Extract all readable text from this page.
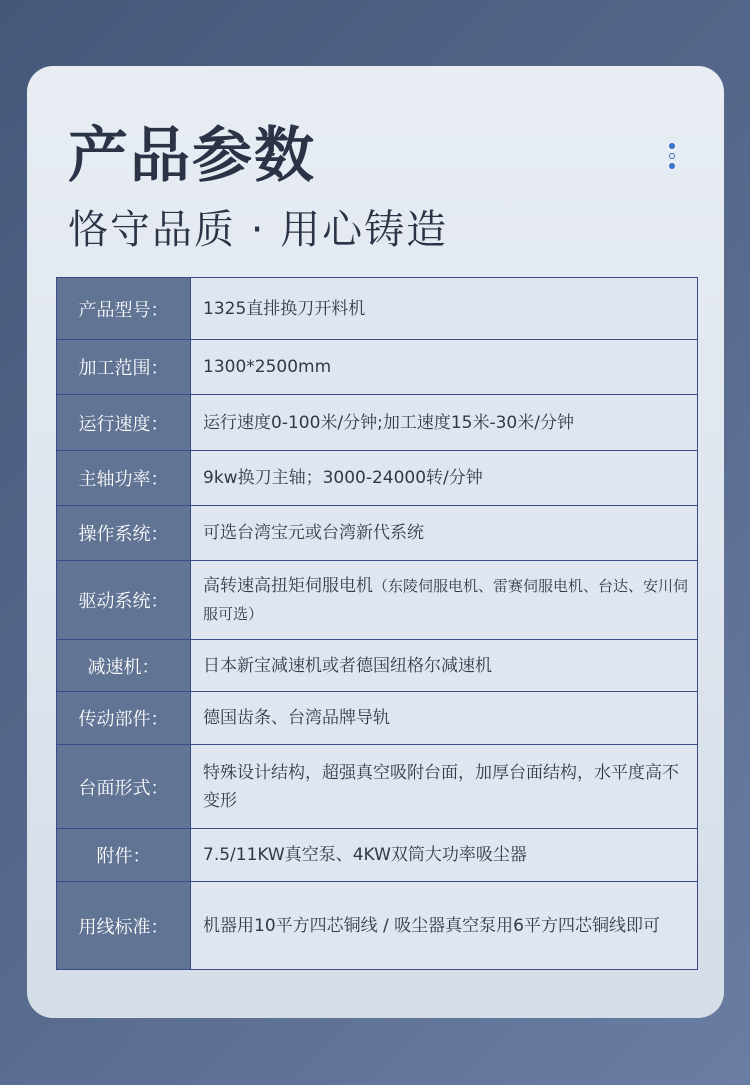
产品参数
恪守品质 · 用心铸造
产品型号：	1325直排换刀开料机
加工范围：	1300*2500mm
运行速度：	运行速度0-100米/分钟;加工速度15米-30米/分钟
主轴功率：	9kw换刀主轴；3000-24000转/分钟
操作系统：	可选台湾宝元或台湾新代系统
驱动系统：	高转速高扭矩伺服电机（东陵伺服电机、雷赛伺服电机、台达、安川伺服可选）
减速机：	日本新宝减速机或者德国纽格尔减速机
传动部件：	德国齿条、台湾品牌导轨
台面形式：	特殊设计结构，超强真空吸附台面，加厚台面结构，水平度高不变形
附件：	7.5/11KW真空泵、4KW双筒大功率吸尘器
用线标准：	机器用10平方四芯铜线 / 吸尘器真空泵用6平方四芯铜线即可
